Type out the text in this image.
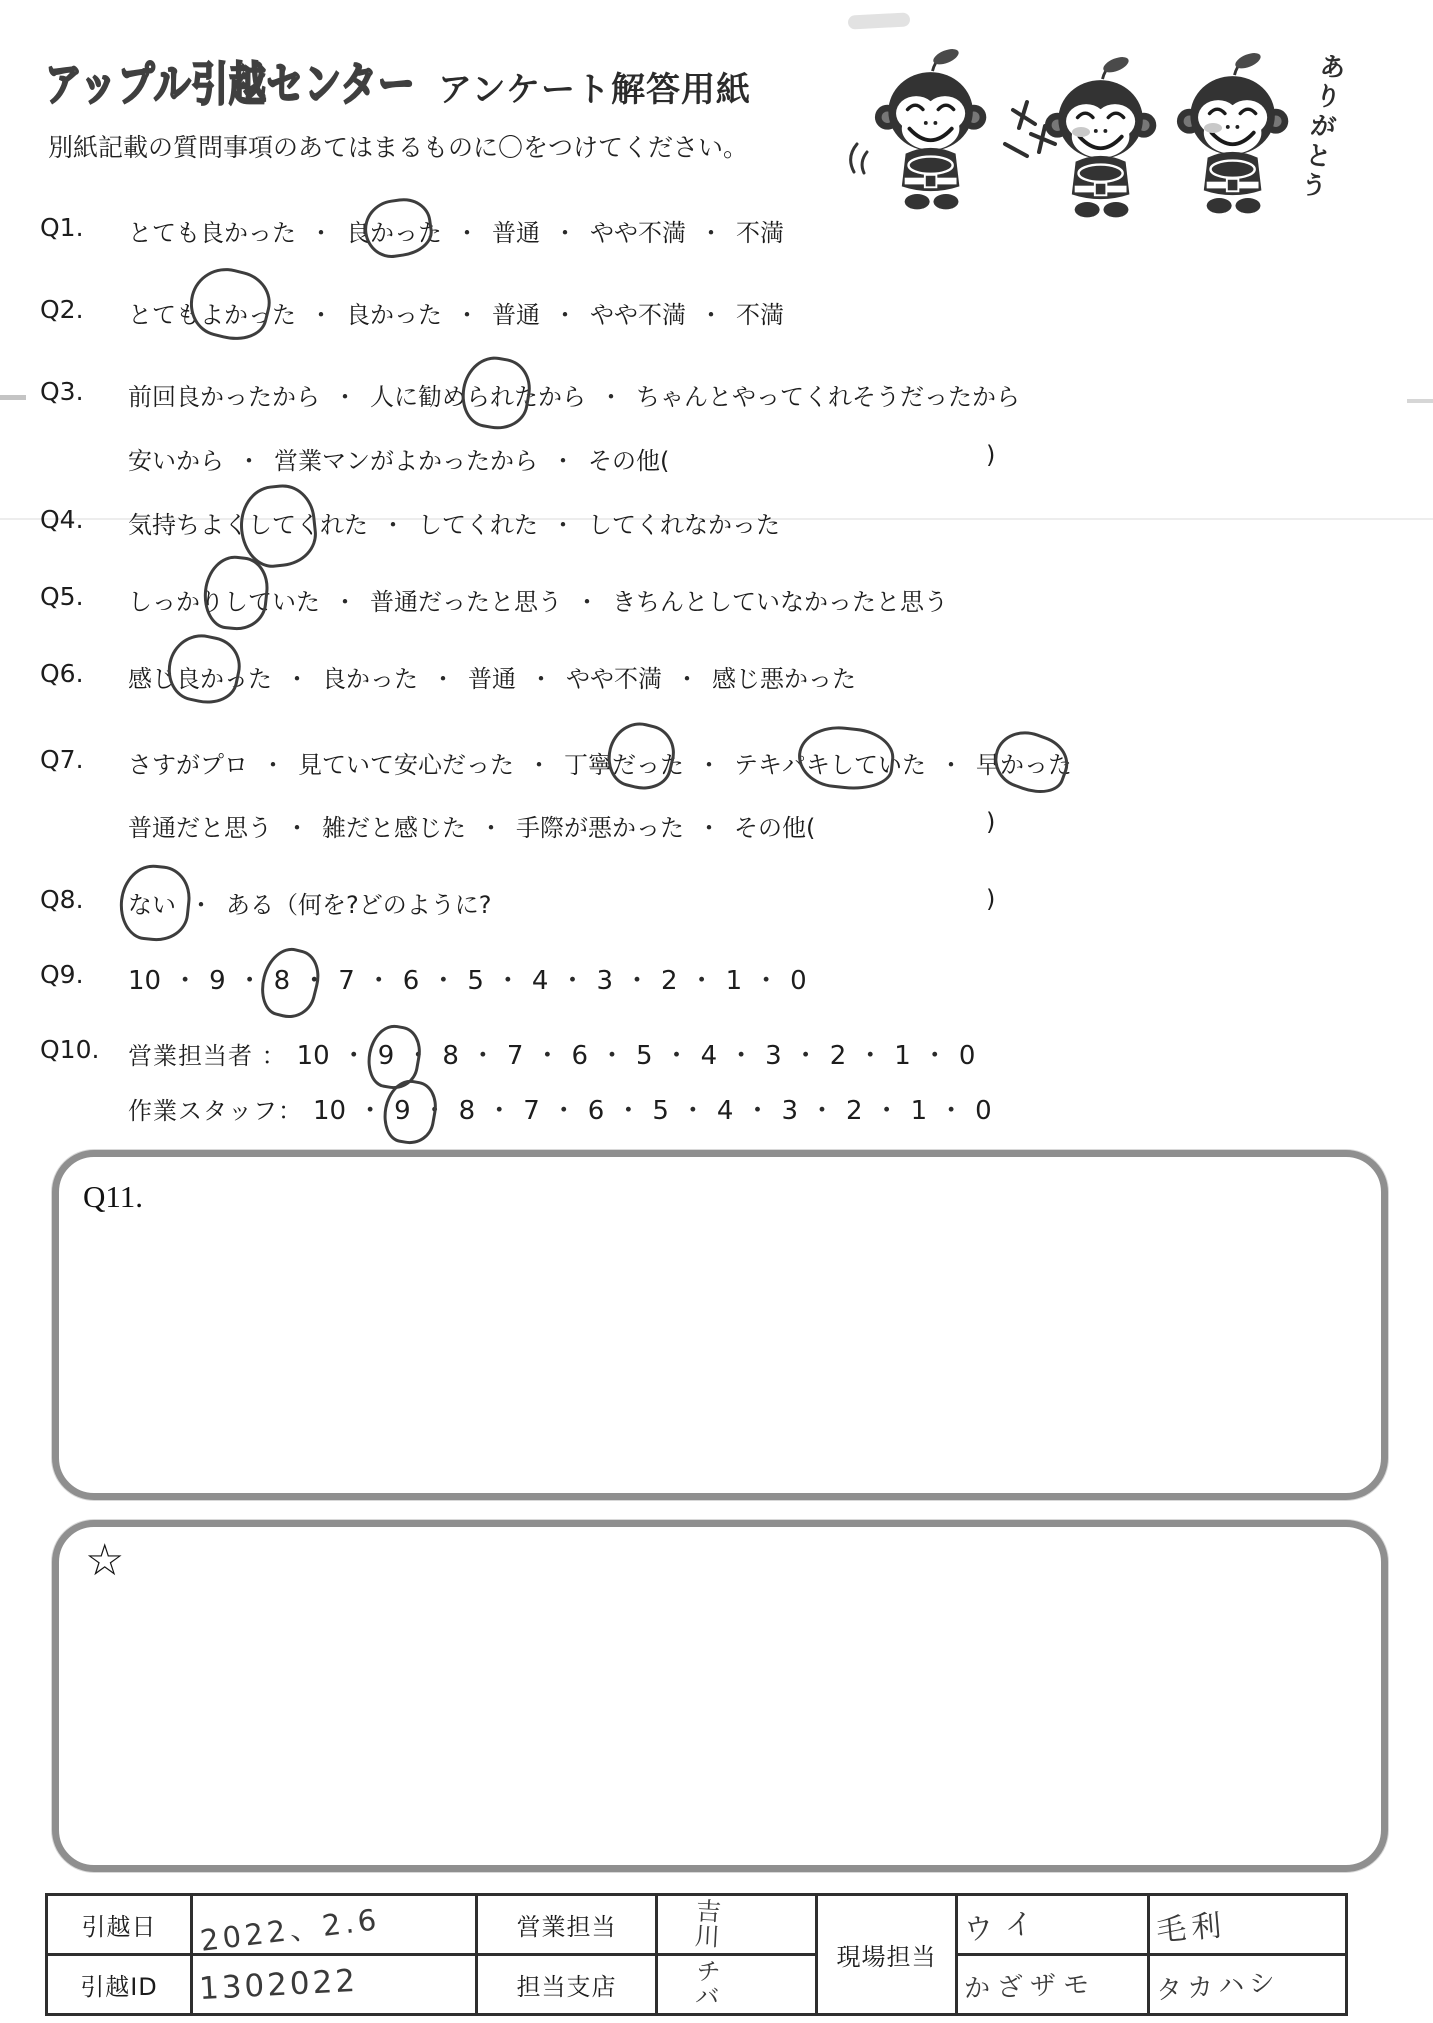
アップル引越センター アンケート解答用紙
別紙記載の質問事項のあてはまるものに〇をつけてください。	ありがとう
Q1. とても良かった ・ 良かった ・ 普通 ・ やや不満 ・ 不満
Q2. とてもよかった ・ 良かった ・ 普通 ・ やや不満 ・ 不満
Q3. 前回良かったから ・ 人に勧められたから ・ ちゃんとやってくれそうだったから
安いから ・ 営業マンがよかったから ・ その他(	)
Q4. 気持ちよくしてくれた ・ してくれた ・ してくれなかった
Q5. しっかりしていた ・ 普通だったと思う ・ きちんとしていなかったと思う
Q6. 感じ良かった ・ 良かった ・ 普通 ・ やや不満 ・ 感じ悪かった
Q7. さすがプロ ・ 見ていて安心だった ・ 丁寧だった ・ テキパキしていた ・ 早かった
普通だと思う ・ 雑だと感じた ・ 手際が悪かった ・ その他(	)
Q8. ない ・ ある（何を?どのように?	)
Q9. 10 ・ 9 ・ 8 ・ 7 ・ 6 ・ 5 ・ 4 ・ 3 ・ 2 ・ 1 ・ 0
Q10. 営業担当者 ： 10 ・ 9 ・ 8 ・ 7 ・ 6 ・ 5 ・ 4 ・ 3 ・ 2 ・ 1 ・ 0
作業スタッフ： 10 ・ 9 ・ 8 ・ 7 ・ 6 ・ 5 ・ 4 ・ 3 ・ 2 ・ 1 ・ 0
Q11.
☆
引越日	2022、2.6	営業担当	吉川	現場担当	ウイ	毛利
引越ID	1302022	担当支店	チバ		かざザモ	タカハシ
